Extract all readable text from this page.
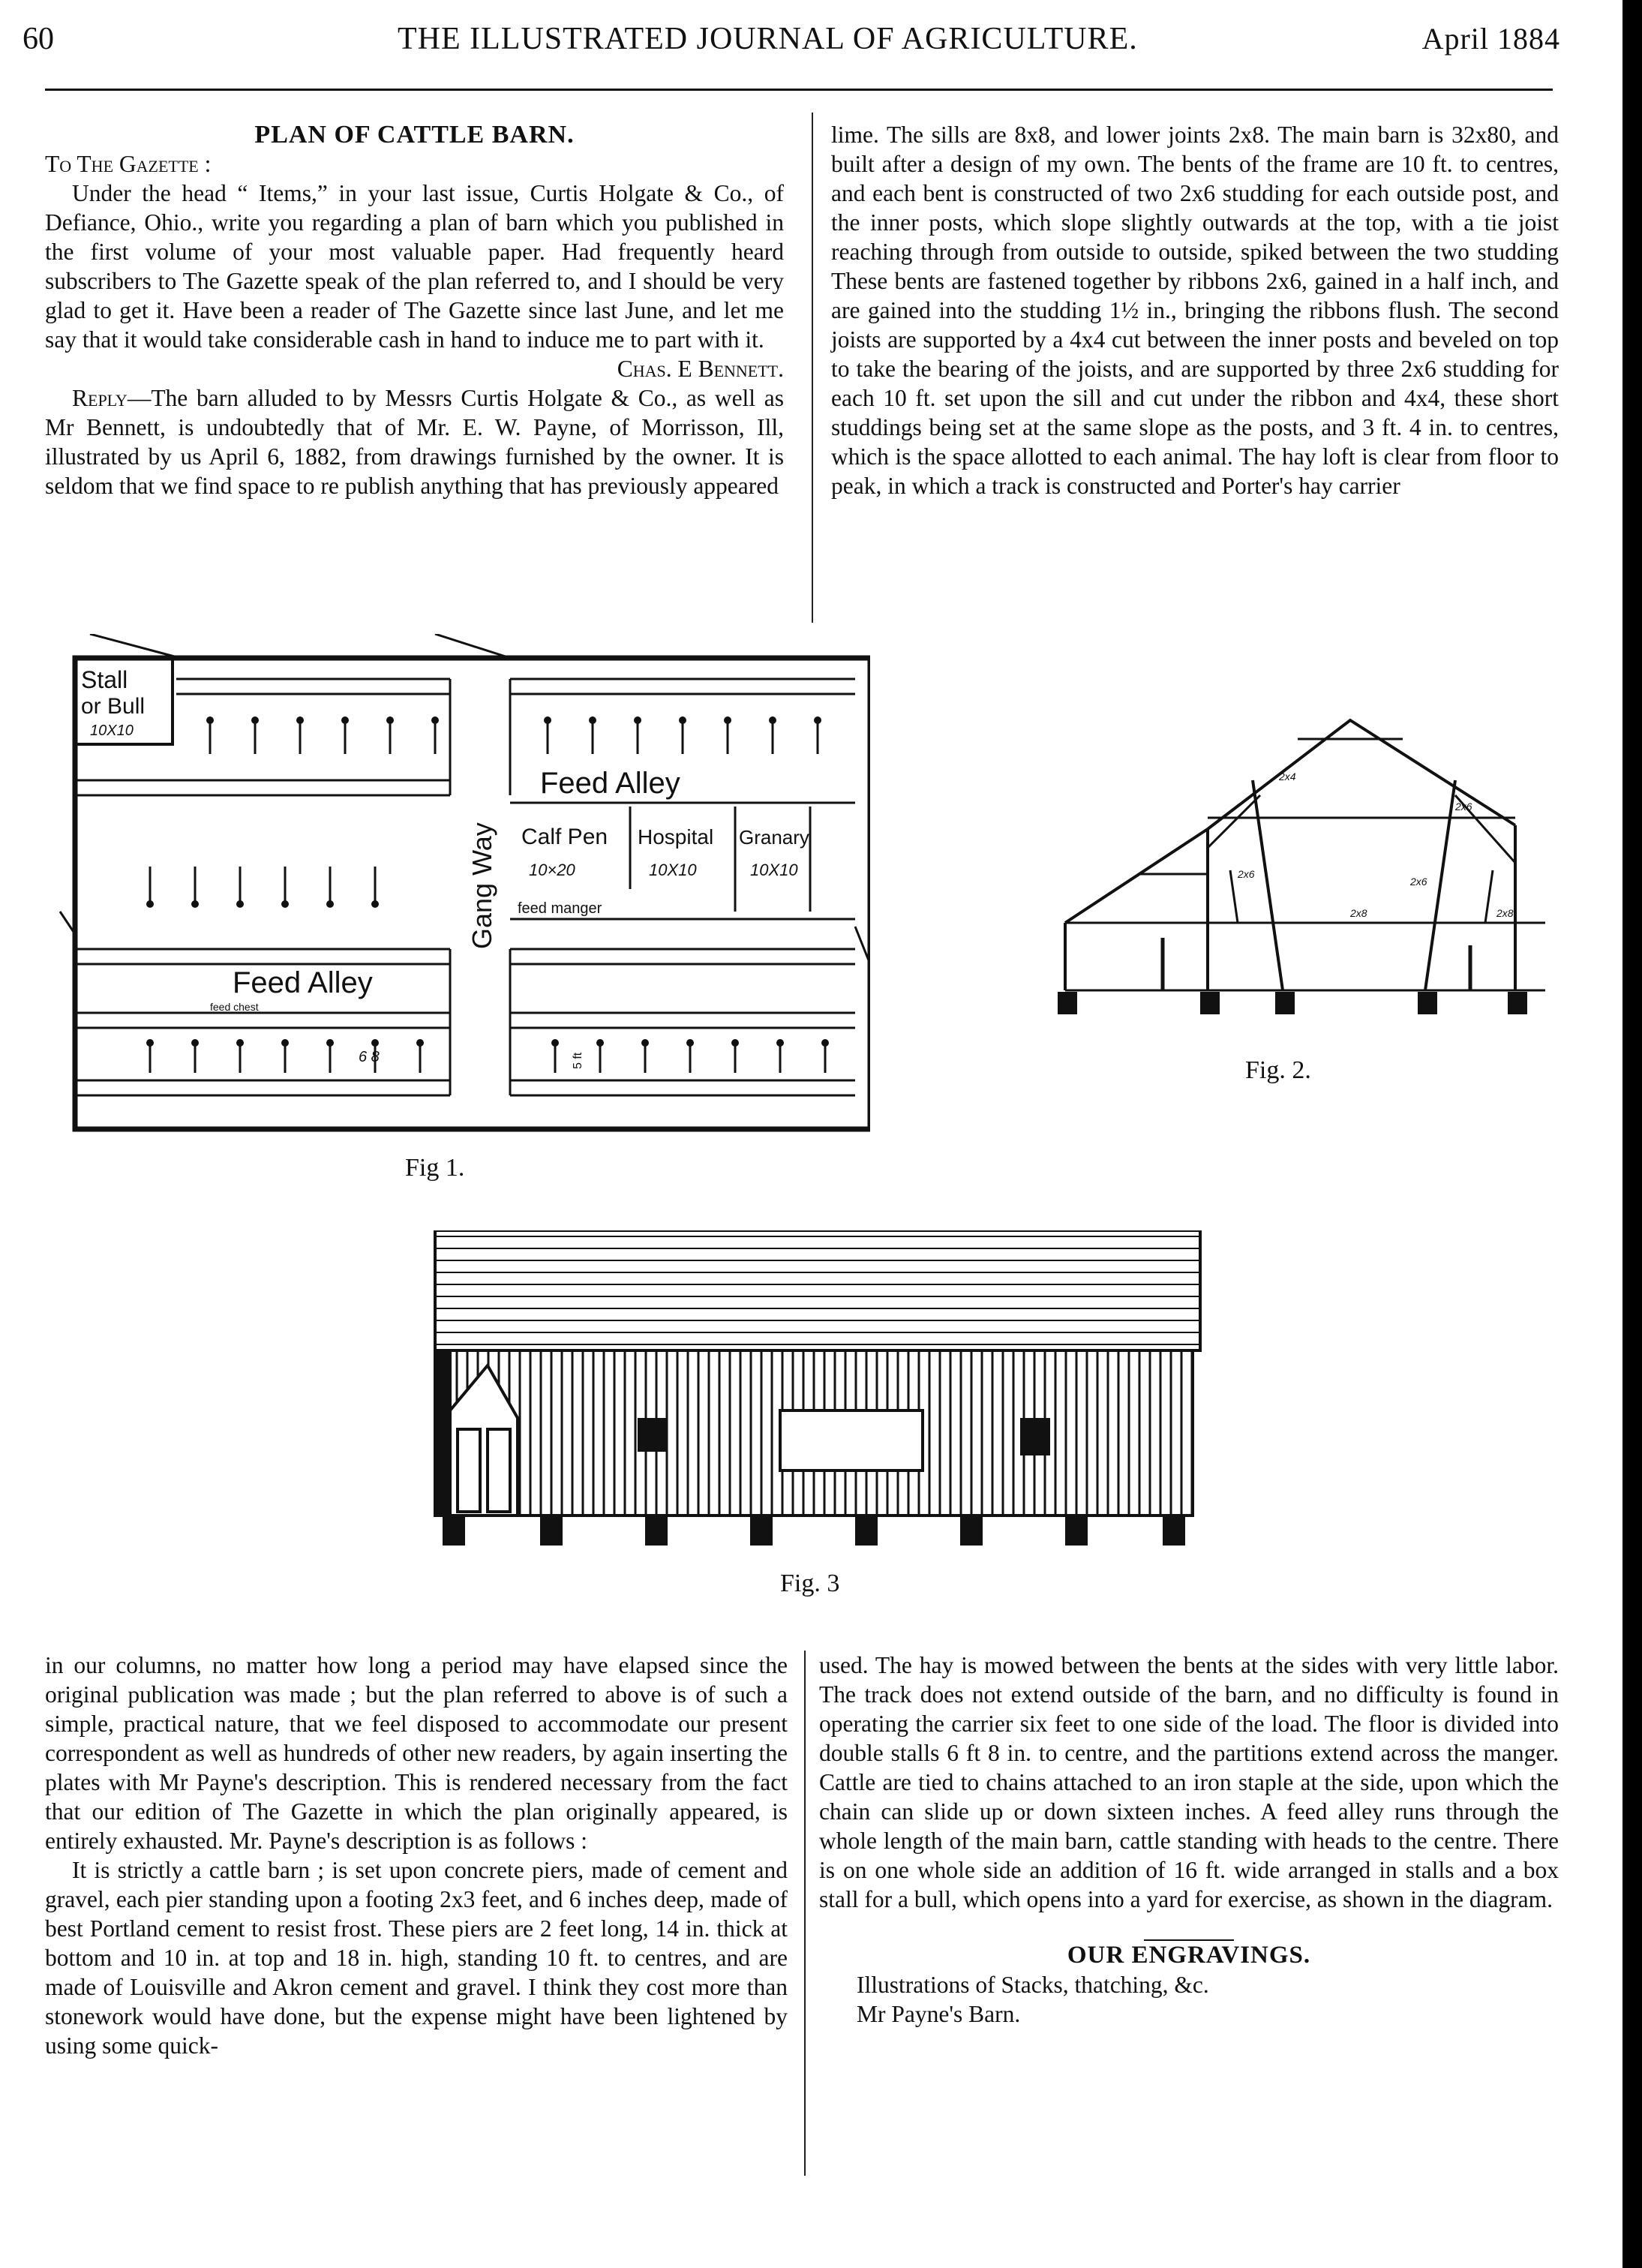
60	THE ILLUSTRATED JOURNAL OF AGRICULTURE.	April 1884

PLAN OF CATTLE BARN.

To The Gazette :

Under the head “ Items,” in your last issue, Curtis Holgate & Co., of Defiance, Ohio., write you regarding a plan of barn which you published in the first volume of your most valuable paper. Had frequently heard subscribers to The Gazette speak of the plan referred to, and I should be very glad to get it. Have been a reader of The Gazette since last June, and let me say that it would take considerable cash in hand to induce me to part with it.

Chas. E Bennett.

Reply—The barn alluded to by Messrs Curtis Holgate & Co., as well as Mr Bennett, is undoubtedly that of Mr. E. W. Payne, of Morrisson, Ill, illustrated by us April 6, 1882, from drawings furnished by the owner. It is seldom that we find space to re publish anything that has previously appeared

lime. The sills are 8x8, and lower joints 2x8. The main barn is 32x80, and built after a design of my own. The bents of the frame are 10 ft. to centres, and each bent is constructed of two 2x6 studding for each outside post, and the inner posts, which slope slightly outwards at the top, with a tie joist reaching through from outside to outside, spiked between the two studding These bents are fastened together by ribbons 2x6, gained in a half inch, and are gained into the studding 1½ in., bringing the ribbons flush. The second joists are supported by a 4x4 cut between the inner posts and beveled on top to take the bearing of the joists, and are supported by three 2x6 studding for each 10 ft. set upon the sill and cut under the ribbon and 4x4, these short studdings being set at the same slope as the posts, and 3 ft. 4 in. to centres, which is the space allotted to each animal. The hay loft is clear from floor to peak, in which a track is constructed and Porter's hay carrier

Stall
or Bull
10X10
Feed Alley
Gang Way Calf Pen
10×20
Hospital
10X10
Granary
10X10
feed manger
Feed Alley
feed chest
6 8	5 ft
Fig 1.
2x4
2x6
2x6
2x6
2x8	2x8
Fig. 2.
Fig. 3

in our columns, no matter how long a period may have elapsed since the original publication was made ; but the plan referred to above is of such a simple, practical nature, that we feel disposed to accommodate our present correspondent as well as hundreds of other new readers, by again inserting the plates with Mr Payne's description. This is rendered necessary from the fact that our edition of The Gazette in which the plan originally appeared, is entirely exhausted. Mr. Payne's description is as follows :

It is strictly a cattle barn ; is set upon concrete piers, made of cement and gravel, each pier standing upon a footing 2x3 feet, and 6 inches deep, made of best Portland cement to resist frost. These piers are 2 feet long, 14 in. thick at bottom and 10 in. at top and 18 in. high, standing 10 ft. to centres, and are made of Louisville and Akron cement and gravel. I think they cost more than stonework would have done, but the expense might have been lightened by using some quick-

used. The hay is mowed between the bents at the sides with very little labor. The track does not extend outside of the barn, and no difficulty is found in operating the carrier six feet to one side of the load. The floor is divided into double stalls 6 ft 8 in. to centre, and the partitions extend across the manger. Cattle are tied to chains attached to an iron staple at the side, upon which the chain can slide up or down sixteen inches. A feed alley runs through the whole length of the main barn, cattle standing with heads to the centre. There is on one whole side an addition of 16 ft. wide arranged in stalls and a box stall for a bull, which opens into a yard for exercise, as shown in the diagram.

OUR ENGRAVINGS.

Illustrations of Stacks, thatching, &c.

Mr Payne's Barn.
